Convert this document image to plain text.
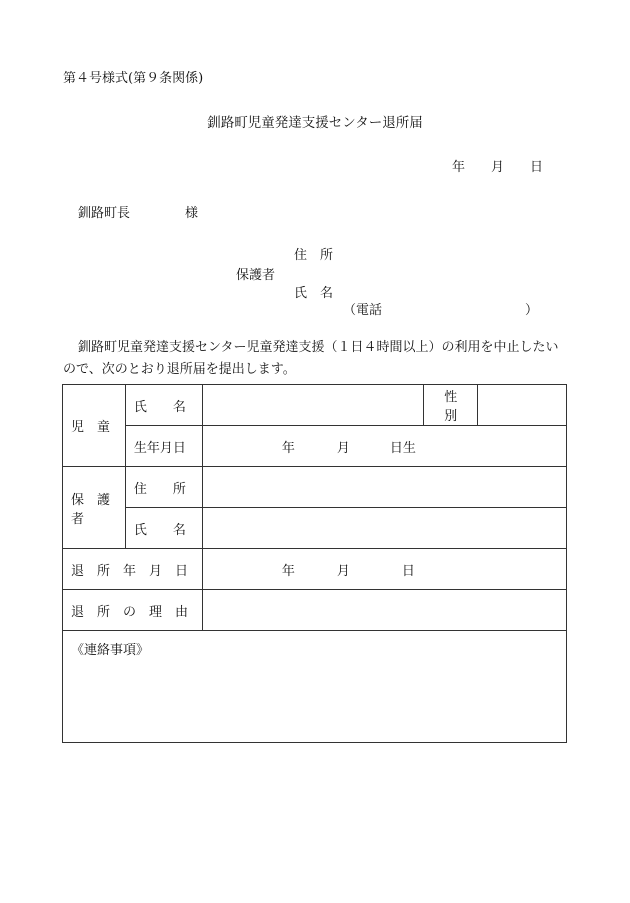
第４号様式(第９条関係)
釧路町児童発達支援センター退所届
年 月 日
釧路町長	様
住　所
保護者
氏　名
（電話	）
釧路町児童発達支援センター児童発達支援（１日４時間以上）の利用を中止したいので、次のとおり退所届を提出します。
児　童	氏　　名		性　別	
	生年月日	年 月 日生		
保　護　者	住　　所			
	氏　　名			
退　所　年　月　日		年 月 日		
退　所　の　理　由				
《連絡事項》				
